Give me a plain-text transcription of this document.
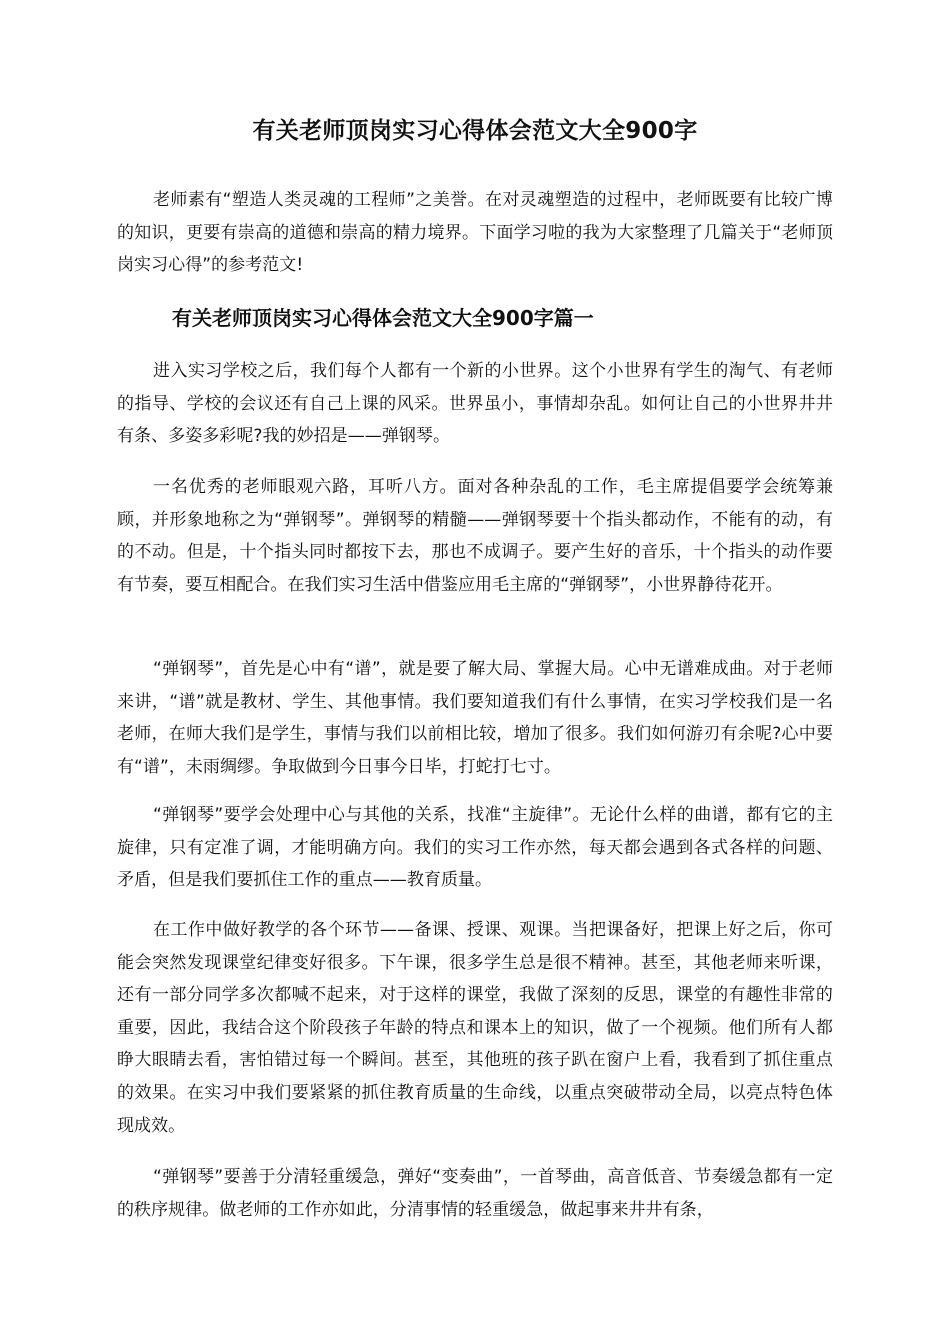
有关老师顶岗实习心得体会范文大全900字

老师素有“塑造人类灵魂的工程师”之美誉。在对灵魂塑造的过程中，老师既要有比较广博的知识，更要有崇高的道德和崇高的精力境界。下面学习啦的我为大家整理了几篇关于“老师顶岗实习心得”的参考范文!

有关老师顶岗实习心得体会范文大全900字篇一

进入实习学校之后，我们每个人都有一个新的小世界。这个小世界有学生的淘气、有老师的指导、学校的会议还有自己上课的风采。世界虽小，事情却杂乱。如何让自己的小世界井井有条、多姿多彩呢?我的妙招是——弹钢琴。

一名优秀的老师眼观六路，耳听八方。面对各种杂乱的工作，毛主席提倡要学会统筹兼顾，并形象地称之为“弹钢琴”。弹钢琴的精髓——弹钢琴要十个指头都动作，不能有的动，有的不动。但是，十个指头同时都按下去，那也不成调子。要产生好的音乐，十个指头的动作要有节奏，要互相配合。在我们实习生活中借鉴应用毛主席的“弹钢琴”，小世界静待花开。

“弹钢琴”，首先是心中有“谱”，就是要了解大局、掌握大局。心中无谱难成曲。对于老师来讲，“谱”就是教材、学生、其他事情。我们要知道我们有什么事情，在实习学校我们是一名老师，在师大我们是学生，事情与我们以前相比较，增加了很多。我们如何游刃有余呢?心中要有“谱”，未雨绸缪。争取做到今日事今日毕，打蛇打七寸。

“弹钢琴”要学会处理中心与其他的关系，找准“主旋律”。无论什么样的曲谱，都有它的主旋律，只有定准了调，才能明确方向。我们的实习工作亦然，每天都会遇到各式各样的问题、矛盾，但是我们要抓住工作的重点——教育质量。

在工作中做好教学的各个环节——备课、授课、观课。当把课备好，把课上好之后，你可能会突然发现课堂纪律变好很多。下午课，很多学生总是很不精神。甚至，其他老师来听课，还有一部分同学多次都喊不起来，对于这样的课堂，我做了深刻的反思，课堂的有趣性非常的重要，因此，我结合这个阶段孩子年龄的特点和课本上的知识，做了一个视频。他们所有人都睁大眼睛去看，害怕错过每一个瞬间。甚至，其他班的孩子趴在窗户上看，我看到了抓住重点的效果。在实习中我们要紧紧的抓住教育质量的生命线，以重点突破带动全局，以亮点特色体现成效。

“弹钢琴”要善于分清轻重缓急，弹好“变奏曲”，一首琴曲，高音低音、节奏缓急都有一定的秩序规律。做老师的工作亦如此，分清事情的轻重缓急，做起事来井井有条，
